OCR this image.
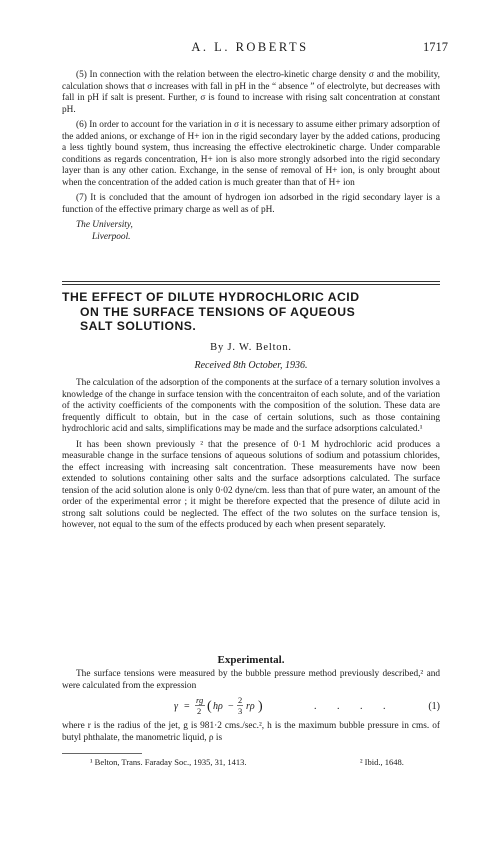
A. L. ROBERTS	1717

(5) In connection with the relation between the electro-kinetic charge density σ and the mobility, calculation shows that σ increases with fall in pH in the “ absence ” of electrolyte, but decreases with fall in pH if salt is present. Further, σ is found to increase with rising salt concentration at constant pH.

(6) In order to account for the variation in σ it is necessary to assume either primary adsorption of the added anions, or exchange of H+ ion in the rigid secondary layer by the added cations, producing a less tightly bound system, thus increasing the effective electrokinetic charge. Under comparable conditions as regards concentration, H+ ion is also more strongly adsorbed into the rigid secondary layer than is any other cation. Exchange, in the sense of removal of H+ ion, is only brought about when the concentration of the added cation is much greater than that of H+ ion

(7) It is concluded that the amount of hydrogen ion adsorbed in the rigid secondary layer is a function of the effective primary charge as well as of pH.

The University,
Liverpool.
THE EFFECT OF DILUTE HYDROCHLORIC ACID
ON THE SURFACE TENSIONS OF AQUEOUS
SALT SOLUTIONS.
By J. W. Belton.
Received 8th October, 1936.

The calculation of the adsorption of the components at the surface of a ternary solution involves a knowledge of the change in surface tension with the concentraiton of each solute, and of the variation of the activity coefficients of the components with the composition of the solution. These data are frequently difficult to obtain, but in the case of certain solutions, such as those containing hydrochloric acid and salts, simplifications may be made and the surface adsorptions calculated.¹

It has been shown previously ² that the presence of 0·1 M hydrochloric acid produces a measurable change in the surface tensions of aqueous solutions of sodium and potassium chlorides, the effect increasing with increasing salt concentration. These measurements have now been extended to solutions containing other salts and the surface adsorptions calculated. The surface tension of the acid solution alone is only 0·02 dyne/cm. less than that of pure water, an amount of the order of the experimental error ; it might be therefore expected that the presence of dilute acid in strong salt solutions could be neglected. The effect of the two solutes on the surface tension is, however, not equal to the sum of the effects produced by each when present separately.

Experimental.

The surface tensions were measured by the bubble pressure method previously described,² and were calculated from the expression

γ =
rg
2 ( hρ −
2
3 rρ )	. . . .	(1)

where r is the radius of the jet, g is 981·2 cms./sec.², h is the maximum bubble pressure in cms. of butyl phthalate, the manometric liquid, ρ is

¹ Belton, Trans. Faraday Soc., 1935, 31, 1413.	² Ibid., 1648.
